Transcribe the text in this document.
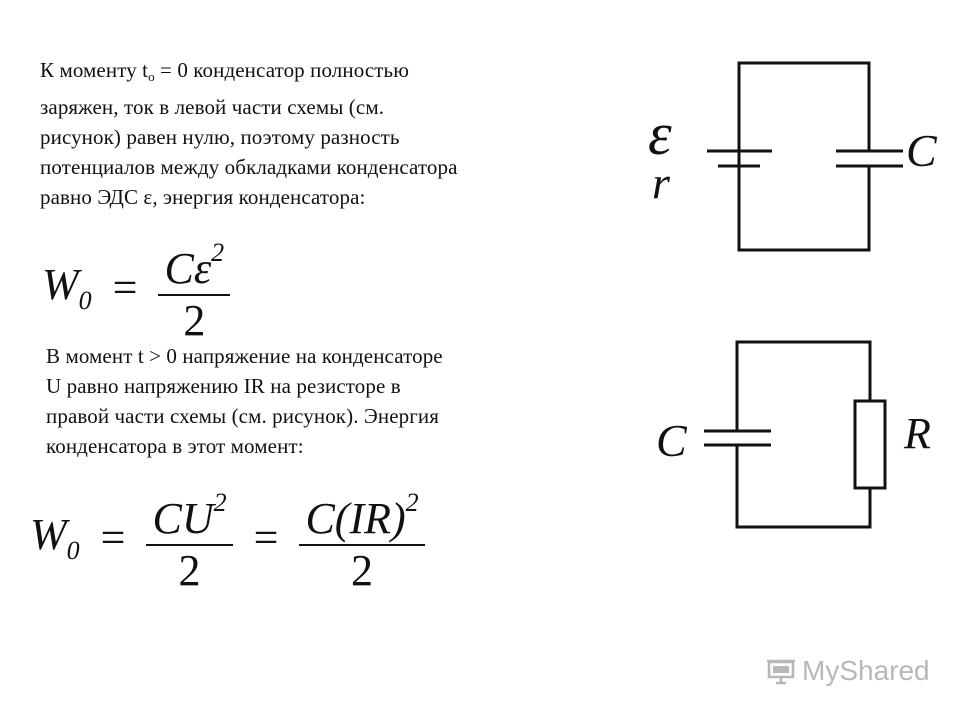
К моменту $t_o = 0$ конденсатор полностью
заряжен, ток в левой части схемы (см.
рисунок) равен нулю, поэтому разность
потенциалов между обкладками конденсатора
равно ЭДС ε, энергия конденсатора:
$W_0 = \frac{C\varepsilon^2}{2}$
В момент t > 0 напряжение на конденсаторе
U равно напряжению IR на резисторе в
правой части схемы (см. рисунок). Энергия
конденсатора в этот момент:
$W_0 = \frac{CU^2}{2} = \frac{C(IR)^2}{2}$
ε
r
C
C	R
MyShared
